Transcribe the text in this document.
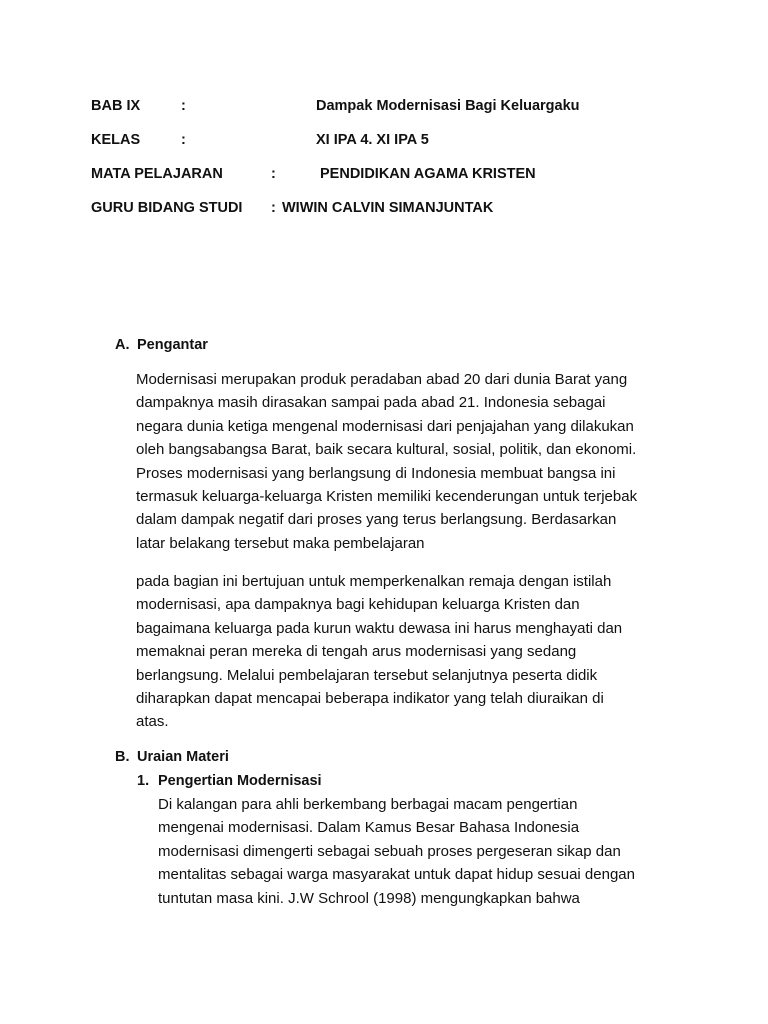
BAB IX	:	Dampak Modernisasi Bagi Keluarga​ku
KELAS	:	XI IPA 4. XI IPA 5
MATA PELAJARAN	:	PENDIDIKAN AGAMA KRISTEN
GURU BIDANG STUDI : WIWIN CALVIN SIMANJUNTAK
A. Pengantar
Modernisasi merupakan produk peradaban abad 20 dari dunia Barat yang
dampaknya masih dirasakan sampai pada abad 21. Indonesia sebagai
negara dunia ketiga mengenal modernisasi dari penjajahan yang dilakukan
oleh bangsabangsa Barat, baik secara kultural, sosial, politik, dan ekonomi.
Proses modernisasi yang berlangsung di Indonesia membuat bangsa ini
termasuk keluarga-keluarga Kristen memiliki kecenderungan untuk terjebak
dalam dampak negatif dari proses yang terus berlangsung. Berdasarkan
latar belakang tersebut maka pembelajaran
pada bagian ini bertujuan untuk memperkenalkan remaja dengan istilah
modernisasi, apa dampaknya bagi kehidupan keluarga Kristen dan
bagaimana keluarga pada kurun waktu dewasa ini harus menghayati dan
memaknai peran mereka di tengah arus modernisasi yang sedang
berlangsung. Melalui pembelajaran tersebut selanjutnya peserta didik
diharapkan dapat mencapai beberapa indikator yang telah diuraikan di
atas.
B. Uraian Materi
1. Pengertian Modernisasi
Di kalangan para ahli berkembang berbagai macam pengertian
mengenai modernisasi. Dalam Kamus Besar Bahasa Indonesia
modernisasi dimengerti sebagai sebuah proses pergeseran sikap dan
mentalitas sebagai warga masyarakat untuk dapat hidup sesuai dengan
tuntutan masa kini. J.W Schrool (1998) mengungkapkan bahwa
